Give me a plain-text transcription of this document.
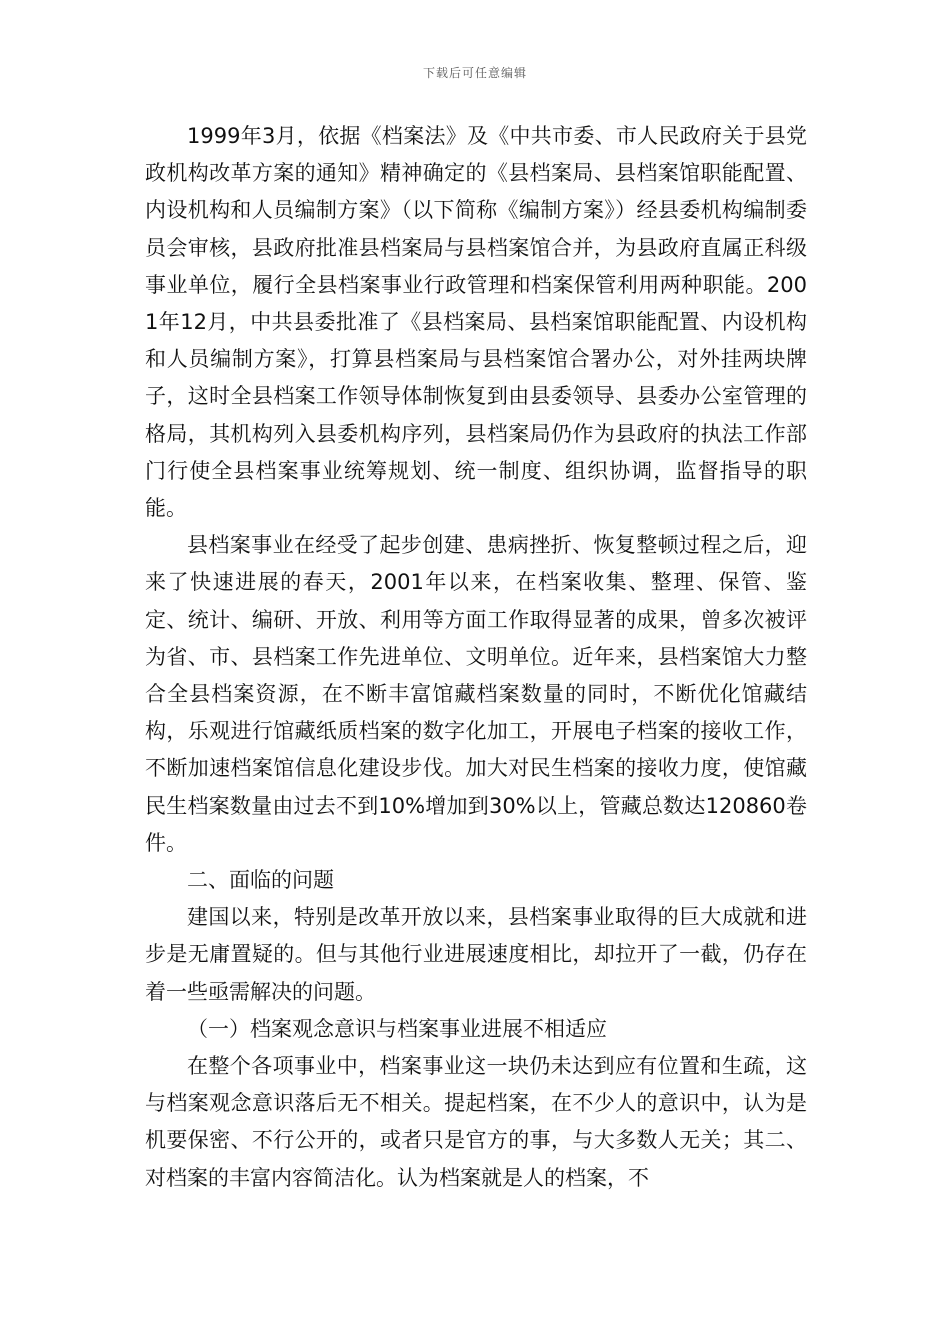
下载后可任意编辑

1999年3月，依据《档案法》及《中共市委、市人民政府关于县党政机构改革方案的通知》精神确定的《县档案局、县档案馆职能配置、内设机构和人员编制方案》（以下简称《编制方案》）经县委机构编制委员会审核，县政府批准县档案局与县档案馆合并，为县政府直属正科级事业单位，履行全县档案事业行政管理和档案保管利用两种职能。2001年12月，中共县委批准了《县档案局、县档案馆职能配置、内设机构和人员编制方案》，打算县档案局与县档案馆合署办公，对外挂两块牌子，这时全县档案工作领导体制恢复到由县委领导、县委办公室管理的格局，其机构列入县委机构序列，县档案局仍作为县政府的执法工作部门行使全县档案事业统筹规划、统一制度、组织协调，监督指导的职能。

县档案事业在经受了起步创建、患病挫折、恢复整顿过程之后，迎来了快速进展的春天，2001年以来，在档案收集、整理、保管、鉴定、统计、编研、开放、利用等方面工作取得显著的成果，曾多次被评为省、市、县档案工作先进单位、文明单位。近年来，县档案馆大力整合全县档案资源，在不断丰富馆藏档案数量的同时，不断优化馆藏结构，乐观进行馆藏纸质档案的数字化加工，开展电子档案的接收工作，不断加速档案馆信息化建设步伐。加大对民生档案的接收力度，使馆藏民生档案数量由过去不到10%增加到30%以上，管藏总数达120860卷件。

二、面临的问题

建国以来，特别是改革开放以来，县档案事业取得的巨大成就和进步是无庸置疑的。但与其他行业进展速度相比，却拉开了一截，仍存在着一些亟需解决的问题。

（一）档案观念意识与档案事业进展不相适应

在整个各项事业中，档案事业这一块仍未达到应有位置和生疏，这与档案观念意识落后无不相关。提起档案，在不少人的意识中，认为是机要保密、不行公开的，或者只是官方的事，与大多数人无关；其二、对档案的丰富内容简洁化。认为档案就是人的档案，不
